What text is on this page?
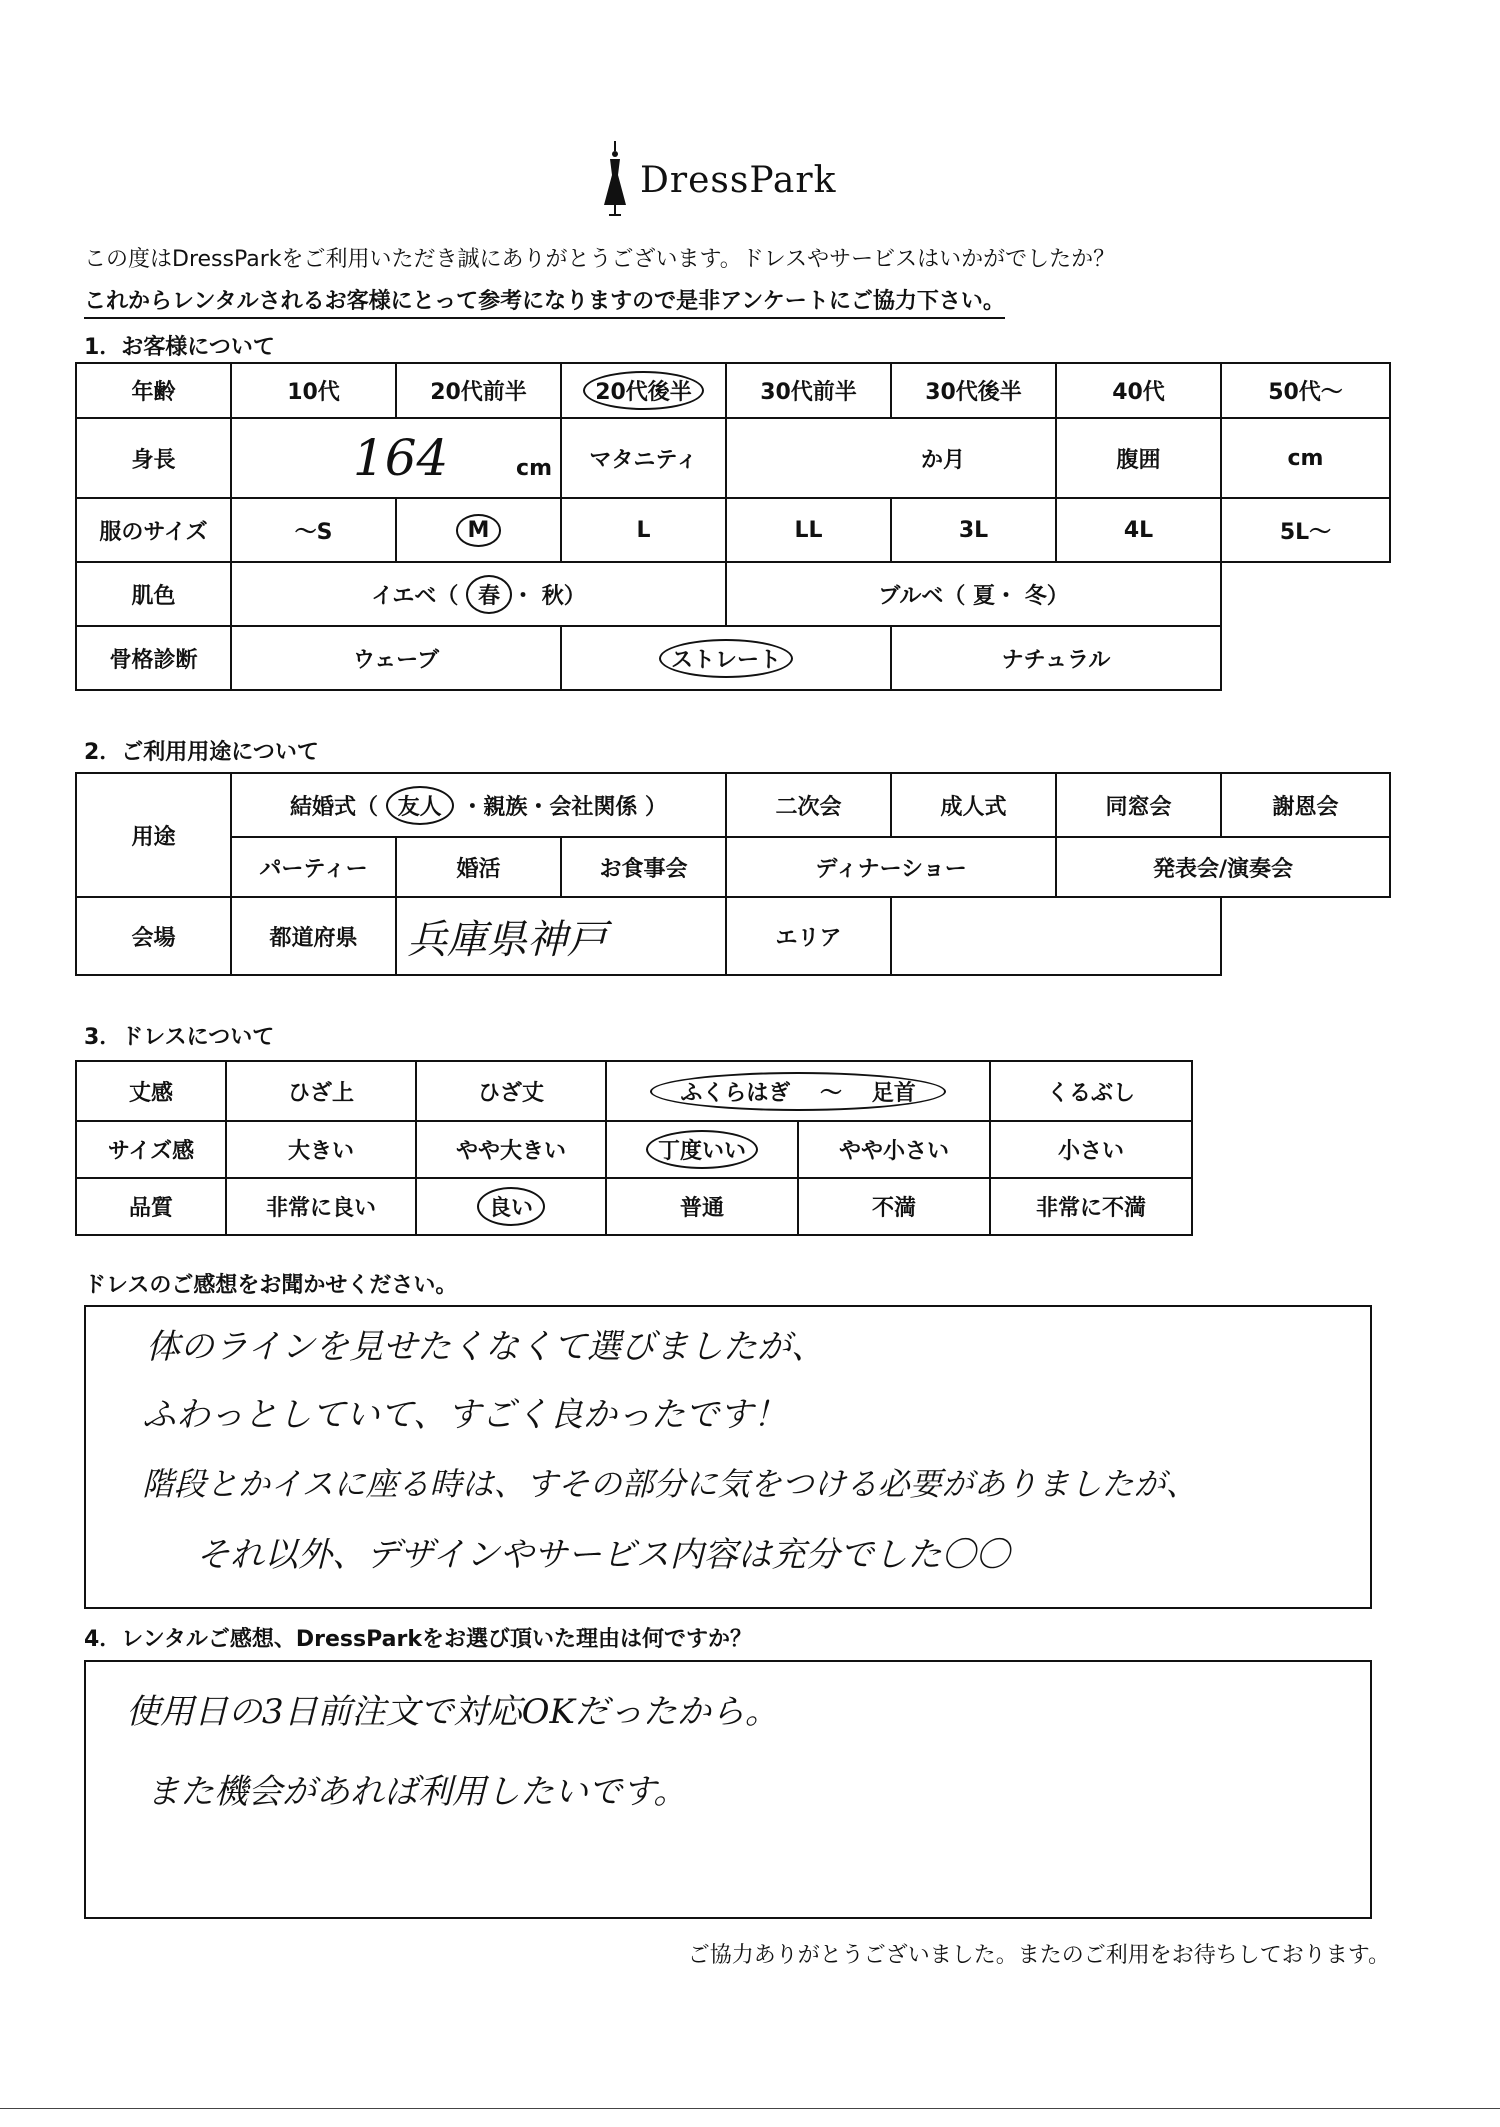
DressPark
この度はDressParkをご利用いただき誠にありがとうございます。ドレスやサービスはいかがでしたか？
これからレンタルされるお客様にとって参考になりますので是非アンケートにご協力下さい。
1．お客様について
年齢	10代	20代前半	20代後半	30代前半	30代後半	40代	50代～
身長	164 cm		マタニティ	か月		腹囲	cm
服のサイズ	～S	M	L	LL	3L	4L	5L～
肌色	イエベ（ 春 ・ 秋）			ブルベ（ 夏・ 冬）			
骨格診断	ウェーブ		ストレート		ナチュラル		
2．ご利用用途について
用途	結婚式（ 友人 ・親族・会社関係 ）			二次会	成人式	同窓会	謝恩会
	パーティー	婚活	お食事会	ディナーショー		発表会/演奏会	
会場	都道府県	兵庫県神戸		エリア			
3．ドレスについて
丈感	ひざ上	ひざ丈	ふくらはぎ ～ 足首		くるぶし
サイズ感	大きい	やや大きい	丁度いい	やや小さい	小さい
品質	非常に良い	良い	普通	不満	非常に不満
ドレスのご感想をお聞かせください。
体のラインを見せたくなくて選びましたが、
ふわっとしていて、すごく良かったです！
階段とかイスに座る時は、すその部分に気をつける必要がありましたが、
それ以外、デザインやサービス内容は充分でした〇〇
4．レンタルご感想、DressParkをお選び頂いた理由は何ですか？
使用日の3日前注文で対応OKだったから。
また機会があれば利用したいです。
ご協力ありがとうございました。またのご利用をお待ちしております。
